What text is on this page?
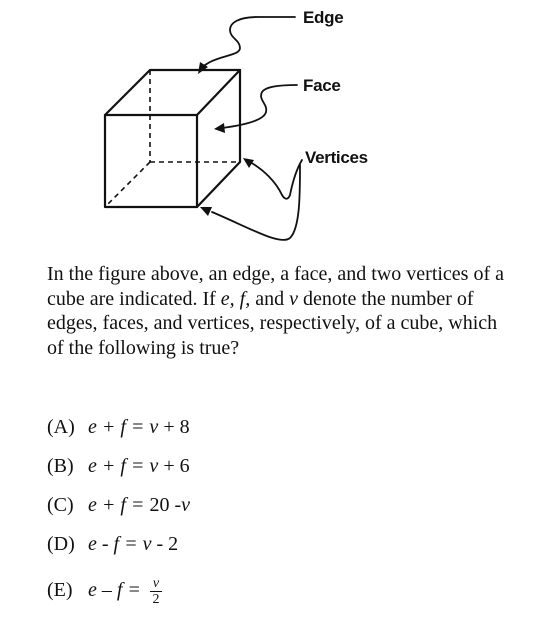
Edge
Face
Vertices
In the figure above, an edge, a face, and two vertices of a cube are indicated. If e, f, and v denote the number of edges, faces, and vertices, respectively, of a cube, which of the following is true?
(A) e + f = v + 8
(B) e + f = v + 6
(C) e + f = 20 -v
(D) e - f = v - 2
(E) $e - f = \frac{v}{2}$
